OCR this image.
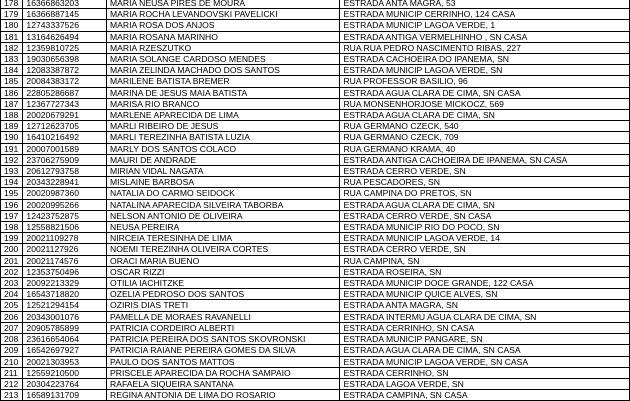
178	16366863203	MARIA NEUSA PIRES DE MOURA	ESTRADA ANTA MAGRA, 53
179	16366887145	MARIA ROCHA LEVANDOVSKI PAVELICKI	ESTRADA MUNICIP CERRINHO, 124 CASA
180	12743337526	MARIA ROSA DOS ANJOS	ESTRADA MUNICIP LAGOA VERDE, 1
181	13164626494	MARIA ROSANA MARINHO	ESTRADA ANTIGA VERMELHINHO , SN CASA
182	12359810725	MARIA RZESZUTKO	RUA RUA PEDRO NASCIMENTO RIBAS, 227
183	19030656398	MARIA SOLANGE CARDOSO MENDES	ESTRADA CACHOEIRA DO IPANEMA, SN
184	12083387872	MARIA ZELINDA MACHADO DOS SANTOS	ESTRADA MUNICIP LAGOA VERDE, SN
185	20084383172	MARILENE BATISTA BREMER	RUA PROFESSOR BASILIO, 96
186	22805286687	MARINA DE JESUS MAIA BATISTA	ESTRADA AGUA CLARA DE CIMA, SN CASA
187	12367727343	MARISA RIO BRANCO	RUA MONSENHORJOSE MICKOCZ, 569
188	20020679291	MARLENE APARECIDA DE LIMA	ESTRADA AGUA CLARA DE CIMA, SN
189	12712623705	MARLI RIBEIRO DE JESUS	RUA GERMANO CZECK, 540
190	16410216492	MARLI TEREZINHA BATISTA LUZIA	RUA GERMANO CZECK, 709
191	20007001589	MARLY DOS SANTOS COLACO	RUA GERMANO KRAMA, 40
192	23706275909	MAURI DE ANDRADE	ESTRADA ANTIGA CACHOEIRA DE IPANEMA, SN CASA
193	20612793758	MIRIAN VIDAL NAGATA	ESTRADA CERRO VERDE, SN
194	20343228941	MISLAINE BARBOSA	RUA PESCADORES, SN
195	20020987360	NATALIA DO CARMO SEIDOCK	RUA CAMPINA DO PRETOS, SN
196	20020995266	NATALINA APARECIDA SILVEIRA TABORBA	ESTRADA AGUA CLARA DE CIMA, SN
197	12423752875	NELSON ANTONIO DE OLIVEIRA	ESTRADA CERRO VERDE, SN CASA
198	12558821506	NEUSA PEREIRA	ESTRADA MUNICIP RIO DO POCO, SN
199	20021109278	NIRCEIA TERESINHA DE LIMA	ESTRADA MUNICIP LAGOA VERDE, 14
200	20021127926	NOEMI TEREZINHA OLIVEIRA CORTES	ESTRADA CERRO VERDE, SN
201	20021174576	ORACI MARIA BUENO	RUA CAMPINA, SN
202	12353750496	OSCAR RIZZI	ESTRADA ROSEIRA, SN
203	20092213329	OTILIA IACHITZKE	ESTRADA MUNICIP DOCE GRANDE, 122 CASA
204	16543718820	OZELIA PEDROSO DOS SANTOS	ESTRADA MUNICIP QUICE ALVES, SN
205	12521294154	OZIRIS DIAS TRETI	ESTRADA ANTA MAGRA, SN
206	20343001076	PAMELLA DE MORAES RAVANELLI	ESTRADA INTERMU AGUA CLARA DE CIMA, SN
207	20905785899	PATRICIA CORDEIRO ALBERTI	ESTRADA CERRINHO, SN CASA
208	23616654064	PATRICIA PEREIRA DOS SANTOS SKOVRONSKI	ESTRADA MUNICIP PANGARE, SN
209	16542697927	PATRICIA RAIANE PEREIRA GOMES DA SILVA	ESTRADA AGUA CLARA DE CIMA, SN CASA
210	20021303953	PAULO DOS SANTOS MATTOS	ESTRADA MUNICIP LAGOA VERDE, SN CASA
211	12559210500	PRISCELE APARECIDA DA ROCHA SAMPAIO	ESTRADA CERRINHO, SN
212	20304223764	RAFAELA SIQUEIRA SANTANA	ESTRADA LAGOA VERDE, SN
213	16589131709	REGINA ANTONIA DE LIMA DO ROSARIO	ESTRADA CAMPINA, SN CASA
